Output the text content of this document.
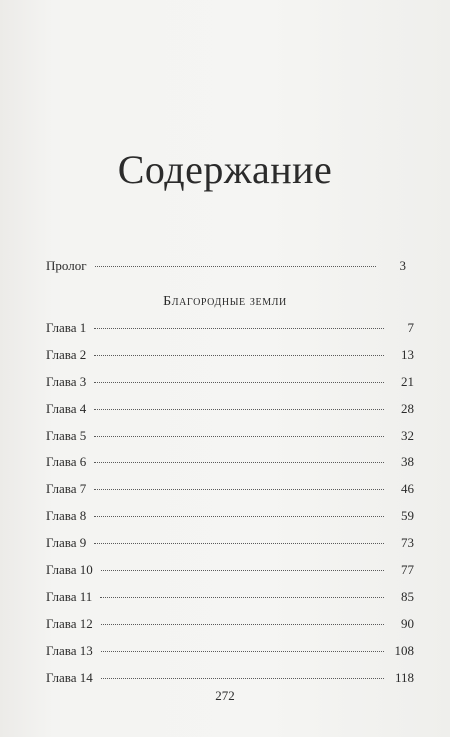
Содержание
Пролог	3
Благородные земли
Глава 1	7
Глава 2	13
Глава 3	21
Глава 4	28
Глава 5	32
Глава 6	38
Глава 7	46
Глава 8	59
Глава 9	73
Глава 10	77
Глава 11	85
Глава 12	90
Глава 13	108
Глава 14	118
272
